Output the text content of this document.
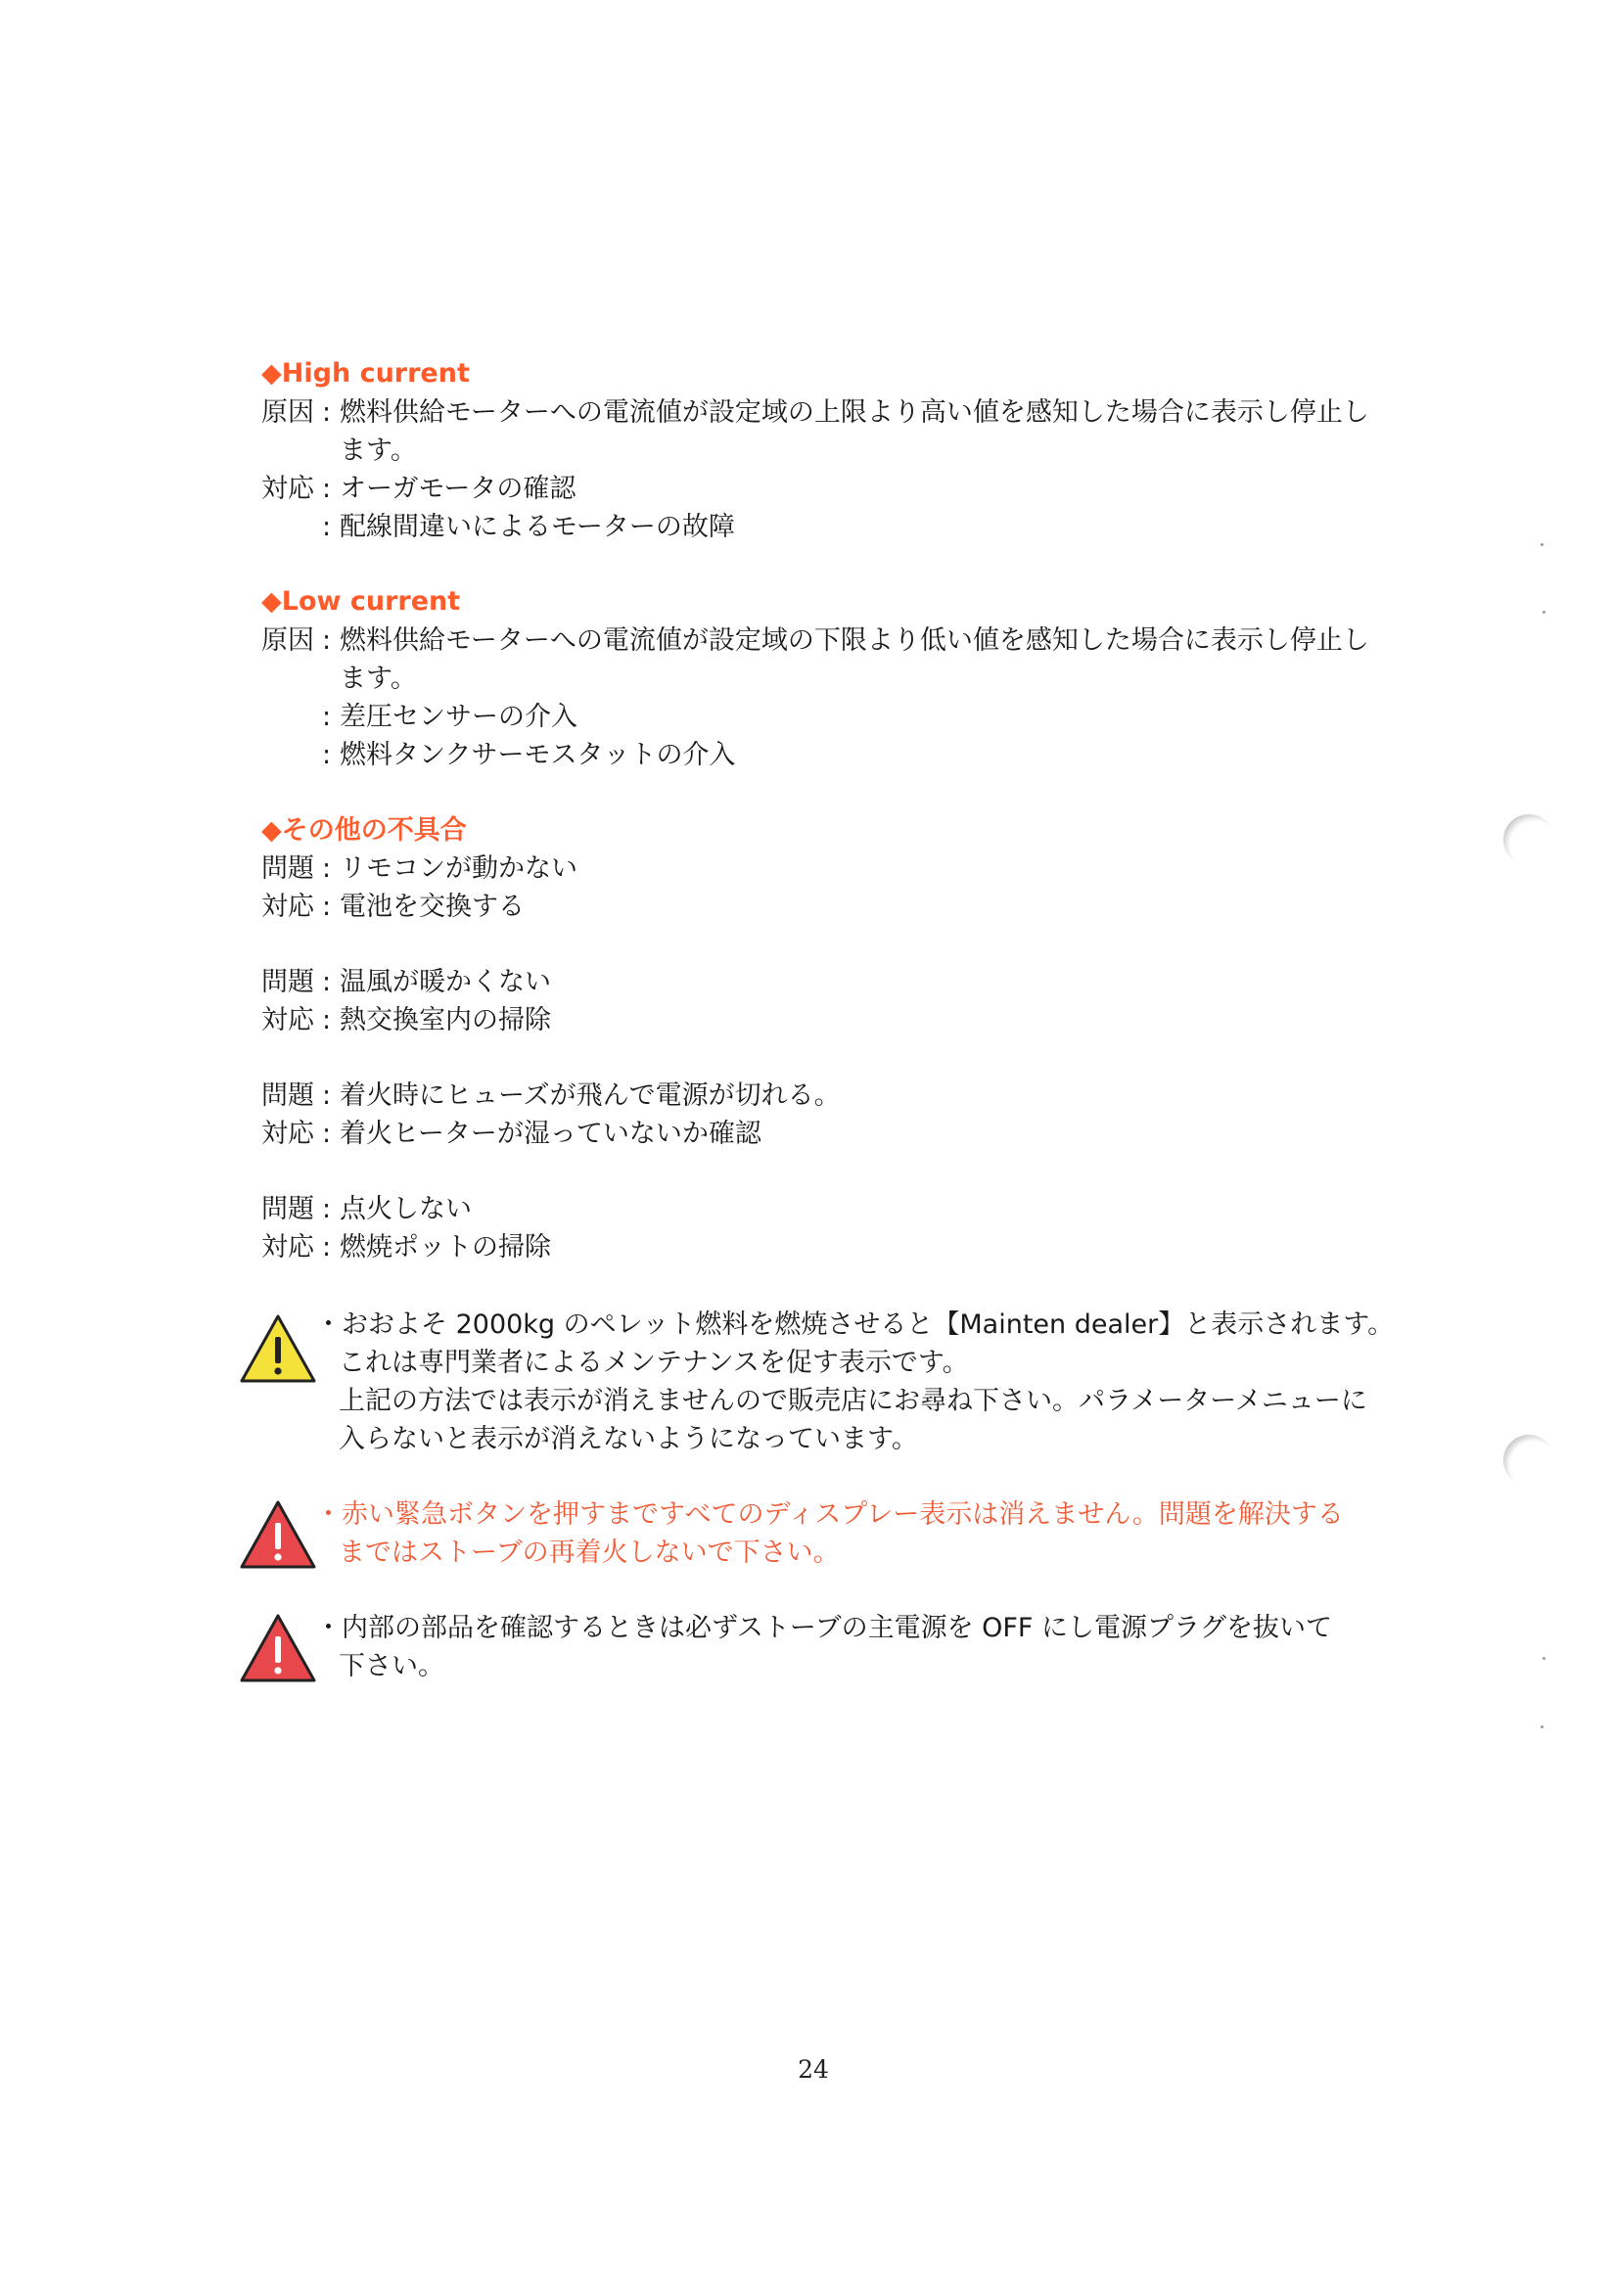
◆High current
原因 : 燃料供給モーターへの電流値が設定域の上限より高い値を感知した場合に表示し停止し
ます。
対応 : オーガモータの確認
: 配線間違いによるモーターの故障
◆Low current
原因 : 燃料供給モーターへの電流値が設定域の下限より低い値を感知した場合に表示し停止し
ます。
: 差圧センサーの介入
: 燃料タンクサーモスタットの介入
◆その他の不具合
問題 : リモコンが動かない
対応 : 電池を交換する
問題 : 温風が暖かくない
対応 : 熱交換室内の掃除
問題 : 着火時にヒューズが飛んで電源が切れる。
対応 : 着火ヒーターが湿っていないか確認
問題 : 点火しない
対応 : 燃焼ポットの掃除
・おおよそ 2000kg のペレット燃料を燃焼させると【Mainten dealer】と表示されます。
これは専門業者によるメンテナンスを促す表示です。
上記の方法では表示が消えませんので販売店にお尋ね下さい。パラメーターメニューに
入らないと表示が消えないようになっています。
・赤い緊急ボタンを押すまですべてのディスプレー表示は消えません。問題を解決する
まではストーブの再着火しないで下さい。
・内部の部品を確認するときは必ずストーブの主電源を OFF にし電源プラグを抜いて
下さい。
24
